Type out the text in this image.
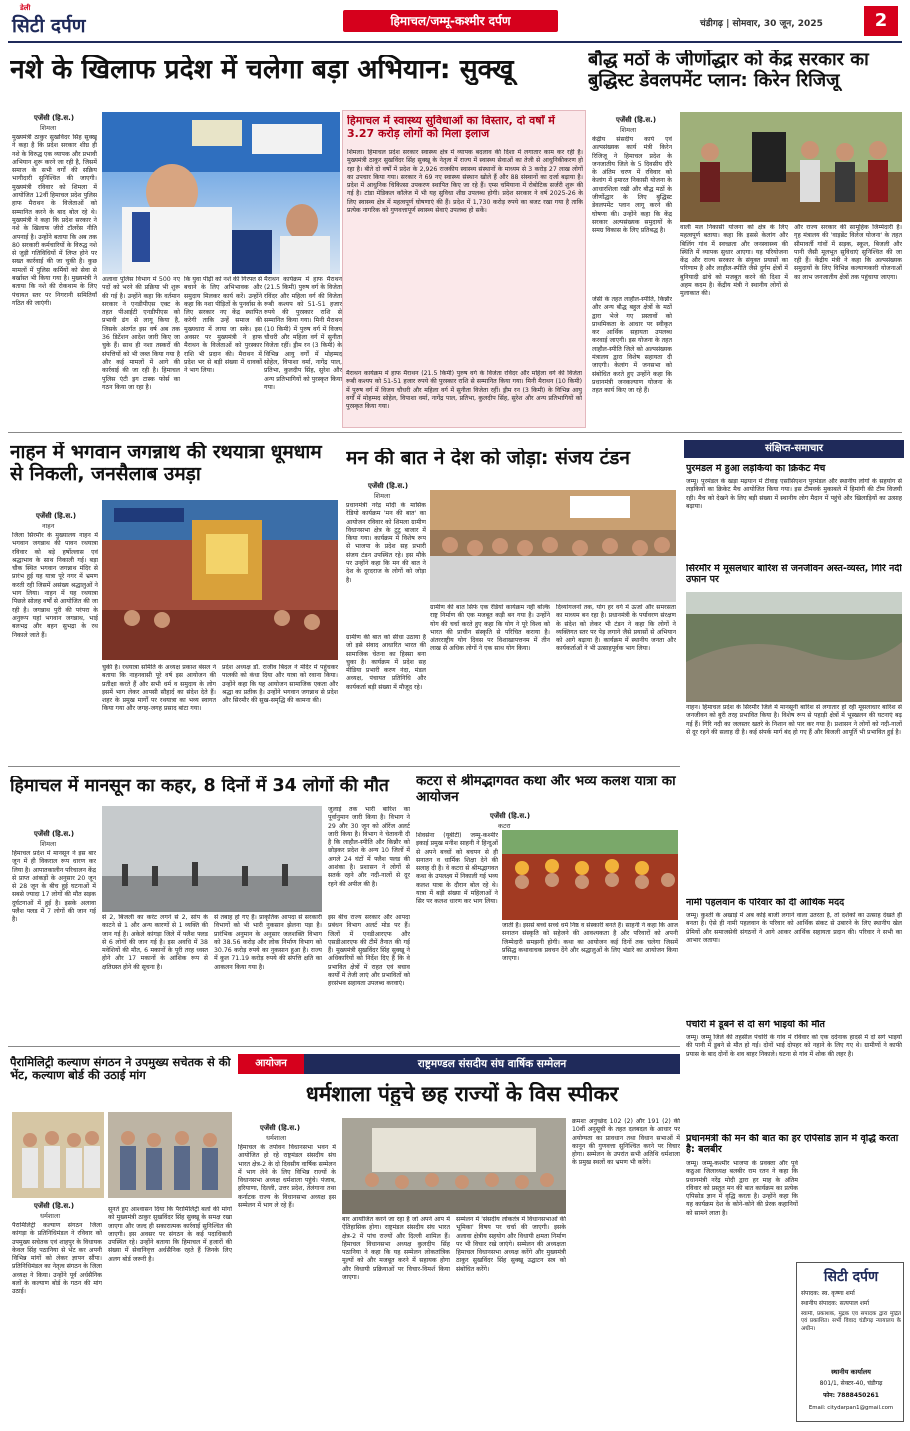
डेली
सिटी दर्पण	हिमाचल/जम्मू-कश्मीर दर्पण	चंडीगढ़ | सोमवार, 30 जून, 2025	2
नशे के खिलाफ प्रदेश में चलेगा बड़ा अभियान: सुक्खू
एजेंसी (हि.स.)
शिमला
मुख्यमंत्री ठाकुर सुखविंदर सिंह सुक्खू ने कहा है कि प्रदेश सरकार शीघ्र ही नशे के विरुद्ध एक व्यापक और प्रभावी अभियान शुरू करने जा रही है, जिसमें समाज के सभी वर्गों की सक्रिय भागीदारी सुनिश्चित की जाएगी। मुख्यमंत्री रविवार को शिमला में आयोजित 12वीं हिमाचल प्रदेश पुलिस हाफ मैराथन के विजेताओं को सम्मानित करने के बाद बोल रहे थे। मुख्यमंत्री ने कहा कि प्रदेश सरकार ने नशे के खिलाफ जीरो टॉलरेंस नीति अपनाई है। उन्होंने बताया कि अब तक 80 सरकारी कर्मचारियों के विरुद्ध नशे से जुड़ी गतिविधियों में लिप्त होने पर सख्त कार्रवाई की जा चुकी है। कुछ मामलों में पुलिस कर्मियों को सेवा से बर्खास्त भी किया गया है। मुख्यमंत्री ने बताया कि नशे की रोकथाम के लिए पंचायत स्तर पर निगरानी समितियाँ गठित की जाएंगी।
अलावा पुलिस विभाग में 500 नए पदों को भरने की प्रक्रिया भी शुरू की गई है। उन्होंने कहा कि वर्तमान सरकार ने एनडीपीएस एक्ट के तहत पीआईटी एनडीपीएस को प्रभावी ढंग से लागू किया है, जिसके अंतर्गत इस वर्ष अब तक 36 डिटेंशन आदेश जारी किए जा चुके हैं। साथ ही नशा तस्करों की संपत्तियों को भी जब्त किया गया है और कई मामलों में आगे की कार्रवाई की जा रही है। हिमाचल पुलिस एंटी ड्रग टास्क फोर्स का गठन किया जा रहा है।
कि युवा पीढ़ी को नशे की गिरफ्त से बचाने के लिए अभिभावक और समुदाय मिलकर कार्य करें। उन्होंने कहा कि नशा पीड़ितों के पुनर्वास के लिए सरकार नए केंद्र स्थापित करेगी ताकि उन्हें समाज की मुख्यधारा में लाया जा सके। इस अवसर पर मुख्यमंत्री ने हाफ मैराथन के विजेताओं को पुरस्कार राशि भी प्रदान की। मैराथन में प्रदेश भर से बड़ी संख्या में धावकों ने भाग लिया।
मैराथन कार्यक्रम में हाफ मैराथन (21.5 किमी) पुरुष वर्ग के विजेता रविंदर और महिला वर्ग की विजेता रूबी कश्यप को 51-51 हजार रुपये की पुरस्कार राशि से सम्मानित किया गया। मिनी मैराथन (10 किमी) में पुरुष वर्ग में विजय चौधरी और महिला वर्ग में सुनीता विजेता रहीं। ड्रीम रन (3 किमी) के विभिन्न आयु वर्गों में मोहम्मद सोहेल, विपाशा वर्मा, नागेंद्र पाल, प्रतिभा, कुलदीप सिंह, सुरेश और अन्य प्रतिभागियों को पुरस्कृत किया गया।
हिमाचल में स्वास्थ्य सुविधाओं का विस्तार, दो वर्षों में 3.27 करोड़ लोगों को मिला इलाज
शिमला। हिमाचल प्रदेश सरकार स्वास्थ्य क्षेत्र में व्यापक बदलाव की दिशा में लगातार काम कर रही है। मुख्यमंत्री ठाकुर सुखविंदर सिंह सुक्खू के नेतृत्व में राज्य में स्वास्थ्य सेवाओं का तेजी से आधुनिकीकरण हो रहा है। बीते दो वर्षों में प्रदेश के 2,926 राजकीय स्वास्थ्य संस्थानों के माध्यम से 3 करोड़ 27 लाख लोगों का उपचार किया गया। सरकार ने 69 नए स्वास्थ्य संस्थान खोले हैं और 88 संस्थानों का दर्जा बढ़ाया है। प्रदेश में आधुनिक चिकित्सा उपकरण स्थापित किए जा रहे हैं। एम्स चमियाना में रोबोटिक सर्जरी शुरू की गई है। टांडा मेडिकल कॉलेज में भी यह सुविधा शीघ्र उपलब्ध होगी। प्रदेश सरकार ने वर्ष 2025-26 के लिए स्वास्थ्य क्षेत्र में महत्वपूर्ण घोषणाएं की हैं। प्रदेश में 1,730 करोड़ रुपये का बजट रखा गया है ताकि प्रत्येक नागरिक को गुणवत्तापूर्ण स्वास्थ्य सेवाएं उपलब्ध हो सकें।
मैराथन कार्यक्रम में हाफ मैराथन (21.5 किमी) पुरुष वर्ग के विजेता रविंदर और महिला वर्ग की विजेता रूबी कश्यप को 51-51 हजार रुपये की पुरस्कार राशि से सम्मानित किया गया। मिनी मैराथन (10 किमी) में पुरुष वर्ग में विजय चौधरी और महिला वर्ग में सुनीता विजेता रहीं। ड्रीम रन (3 किमी) के विभिन्न आयु वर्गों में मोहम्मद सोहेल, विपाशा वर्मा, नागेंद्र पाल, प्रतिभा, कुलदीप सिंह, सुरेश और अन्य प्रतिभागियों को पुरस्कृत किया गया।
बौद्ध मठों के जीर्णोद्धार को केंद्र सरकार का बुद्धिस्ट डेवलपमेंट प्लान: किरेन रिजिजू
एजेंसी (हि.स.)
शिमला
केंद्रीय संसदीय कार्य एवं अल्पसंख्यक कार्य मंत्री किरेन रिजिजू ने हिमाचल प्रदेश के जनजातीय जिले के 5 दिवसीय दौरे के अंतिम चरण में रविवार को केलांग में इमारत निकासी योजना के आधारशिला रखी और बौद्ध मठों के जीर्णोद्धार के लिए बुद्धिस्ट डेवलपमेंट प्लान लागू करने की घोषणा की। उन्होंने कहा कि केंद्र सरकार अल्पसंख्यक समुदायों के समग्र विकास के लिए प्रतिबद्ध है।
जेंसी के तहत लाहौल-स्पीति, किन्नौर और अन्य बौद्ध बहुल क्षेत्रों के मठों द्वारा भेजे गए प्रस्तावों को प्राथमिकता के आधार पर स्वीकृत कर आर्थिक सहायता उपलब्ध करवाई जाएगी। इस योजना के तहत लाहौल-स्पीति जिले को अल्पसंख्यक मंत्रालय द्वारा विशेष सहायता दी जाएगी। केलांग में जनसभा को संबोधित करते हुए उन्होंने कहा कि प्रधानमंत्री जनकल्याण योजना के तहत कार्य किए जा रहे हैं।
वाली मल निकासी योजना को क्षेत्र के लिए महत्वपूर्ण बताया। कहा कि इससे केलांग और बिलिंग गांव में स्वच्छता और जनस्वास्थ्य की स्थिति में व्यापक सुधार आएगा। यह परियोजना केंद्र और राज्य सरकार के संयुक्त प्रयासों का परिणाम है और लाहौल-स्पीति जैसे दुर्गम क्षेत्रों में बुनियादी ढांचे को मजबूत करने की दिशा में अहम कदम है। केंद्रीय मंत्री ने स्थानीय लोगों से मुलाकात की।
और राज्य सरकार की सामूहिक जिम्मेदारी है। गृह मंत्रालय की 'वाइब्रेंट विलेज योजना' के तहत सीमावर्ती गांवों में सड़क, स्कूल, बिजली और पानी जैसी मूलभूत सुविधाएं सुनिश्चित की जा रही हैं। केंद्रीय मंत्री ने कहा कि अल्पसंख्यक समुदायों के लिए विभिन्न कल्याणकारी योजनाओं का लाभ जनजातीय क्षेत्रों तक पहुंचाया जाएगा।
नाहन में भगवान जगन्नाथ की रथयात्रा धूमधाम से निकली, जनसैलाब उमड़ा
एजेंसी (हि.स.)
नाहन
जिला सिरमौर के मुख्यालय नाहन में भगवान जगन्नाथ की पावन रथयात्रा रविवार को बड़े हर्षोल्लास एवं श्रद्धाभाव के साथ निकाली गई। बड़ा चौक स्थित भगवान जगन्नाथ मंदिर से प्रारंभ हुई यह यात्रा पूरे नगर में भ्रमण करती रही जिसमें असंख्य श्रद्धालुओं ने भाग लिया। नाहन में यह रथयात्रा पिछले सोलह वर्षों से आयोजित की जा रही है। जगन्नाथ पुरी की परंपरा के अनुरूप यहां भगवान जगन्नाथ, भाई बलभद्र और बहन सुभद्रा के रथ निकाले जाते हैं।
चुकी है। रथयात्रा समिति के अध्यक्ष प्रकाश बंसल ने बताया कि नाहनवासी पूरे वर्ष इस आयोजन की प्रतीक्षा करते हैं और सभी धर्म व समुदाय के लोग इसमें भाग लेकर आपसी सौहार्द का संदेश देते हैं। शहर के प्रमुख मार्गों पर रथयात्रा का भव्य स्वागत किया गया और जगह-जगह प्रसाद बांटा गया।
प्रदेश अध्यक्ष डॉ. राजीव बिंदल ने मंदिर में पहुंचकर पालकी को कंधा दिया और यात्रा को रवाना किया। उन्होंने कहा कि यह आयोजन सामाजिक एकता और श्रद्धा का प्रतीक है। उन्होंने भगवान जगन्नाथ से प्रदेश और सिरमौर की सुख-समृद्धि की कामना की।
मन की बात ने देश को जोड़ा: संजय टंडन
एजेंसी (हि.स.)
शिमला
प्रधानमंत्री नरेंद्र मोदी के मासिक रेडियो कार्यक्रम 'मन की बात' का आयोजन रविवार को शिमला ग्रामीण विधानसभा क्षेत्र के टुटु बाजार में किया गया। कार्यक्रम में विशेष रूप से भाजपा के प्रदेश सह प्रभारी संजय टंडन उपस्थित रहे। इस मौके पर उन्होंने कहा कि मन की बात ने देश के दूरदराज के लोगों को जोड़ा है।
ग्रामीण की बात को सीधा उठाया है जो इसे संवाद आधारित भारत की सामाजिक चेतना का हिस्सा बना चुका है। कार्यक्रम में प्रदेश सह मीडिया प्रभारी करण नंदा, मंडल अध्यक्ष, पंचायत प्रतिनिधि और कार्यकर्ता बड़ी संख्या में मौजूद रहे।
ग्रामीण की बात सिर्फ एक रेडियो कार्यक्रम नहीं बल्कि राष्ट्र निर्माण की एक मजबूत कड़ी बन गया है। उन्होंने योग की चर्चा करते हुए कहा कि योग ने पूरे विश्व को भारत की प्राचीन संस्कृति से परिचित कराया है। अंतरराष्ट्रीय योग दिवस पर विशाखापत्तनम में तीन लाख से अधिक लोगों ने एक साथ योग किया।
दिव्यांगजनों तक, योग हर वर्ग में ऊर्जा और समरसता का माध्यम बन रहा है। प्रधानमंत्री के पर्यावरण संरक्षण के संदेश को लेकर भी टंडन ने कहा कि लोगों ने व्यक्तिगत स्तर पर पेड़ लगाने जैसे प्रयासों से अभियान को आगे बढ़ाया है। कार्यक्रम में स्थानीय जनता और कार्यकर्ताओं ने भी उत्साहपूर्वक भाग लिया।
संक्षिप्त-समाचार
पुरमंडल में हुआ लड़कियों का क्रिकेट मैच
जम्मू। पुरमंडल के खड़ा मढ़यान में टीवाइ एसोसिएशन पुरमंडल और स्थानीय लोगों के सहयोग से लड़कियों का क्रिकेट मैच आयोजित किया गया। इस टीमवर्क मुकाबले में हिमांगी की टीम विजयी रही। मैच को देखने के लिए बड़ी संख्या में स्थानीय लोग मैदान में पहुंचे और खिलाड़ियों का उत्साह बढ़ाया।
सिरमौर में मूसलधार बारिश से जनजीवन अस्त-व्यस्त, गिरि नदी उफान पर
नाहन। हिमाचल प्रदेश के सिरमौर जिले में मानसूनी बारिश से लगातार हो रही मूसलाधार बारिश से जनजीवन को बुरी तरह प्रभावित किया है। विशेष रूप से पहाड़ी क्षेत्रों में भूस्खलन की घटनाएं बढ़ गई हैं। गिरि नदी का जलस्तर खतरे के निशान को पार कर गया है। प्रशासन ने लोगों को नदी-नालों से दूर रहने की सलाह दी है। कई संपर्क मार्ग बंद हो गए हैं और बिजली आपूर्ति भी प्रभावित हुई है।
नामी पहलवान के परिवार को दी आर्थिक मदद
जम्मू। कुश्ती के अखाड़े में अब कोई बाजी लगाने वाला उतरता है, तो दर्शकों का उत्साह देखते ही बनता है। ऐसे ही नामी पहलवान के परिवार को आर्थिक संकट से उबारने के लिए स्थानीय खेल प्रेमियों और समाजसेवी संगठनों ने आगे आकर आर्थिक सहायता प्रदान की। परिवार ने सभी का आभार जताया।
पंचोरी में डूबने से दो सगे भाइयों की मौत
जम्मू। जम्मू जिले की तहसील पंचोरी के गांव में रविवार को एक दर्दनाक हादसे में दो सगे भाइयों की पानी में डूबने से मौत हो गई। दोनों भाई दोपहर को नहाने के लिए गए थे। ग्रामीणों ने काफी प्रयास के बाद दोनों के शव बाहर निकाले। घटना से गांव में शोक की लहर है।
प्रधानमंत्री की मन की बात का हर एपिसोड ज्ञान में वृद्धि करता है: बलबीर
जम्मू। जम्मू-कश्मीर भाजपा के प्रवक्ता और पूर्व कठुआ जिलाध्यक्ष बलबीर राम रतन ने कहा कि प्रधानमंत्री नरेंद्र मोदी द्वारा हर माह के अंतिम रविवार को प्रस्तुत मन की बात कार्यक्रम का प्रत्येक एपिसोड ज्ञान में वृद्धि करता है। उन्होंने कहा कि यह कार्यक्रम देश के कोने-कोने की प्रेरक कहानियों को सामने लाता है।
हिमाचल में मानसून का कहर, 8 दिनों में 34 लोगों की मौत
एजेंसी (हि.स.)
शिमला
हिमाचल प्रदेश में मानसून ने इस बार जून में ही विकराल रूप धारण कर लिया है। आपातकालीन परिचालन केंद्र से प्राप्त आंकड़ों के अनुसार 20 जून से 28 जून के बीच हुई घटनाओं में सबसे ज्यादा 17 लोगों की मौत सड़क दुर्घटनाओं में हुई है। इसके अलावा फ्लैश फ्लड में 7 लोगों की जान गई है।	से 2, बिजली का करंट लगने से 2, सांप के काटने से 1 और अन्य कारणों से 1 व्यक्ति की जान गई है। अकेले कांगड़ा जिले में फ्लैश फ्लड से 6 लोगों की जान गई है। इस अवधि में 38 मवेशियों की मौत, 6 मकानों के पूरी तरह ध्वस्त होने और 17 मकानों के आंशिक रूप से क्षतिग्रस्त होने की सूचना है।
से तबाह हो गए हैं। प्राकृतिक आपदा से सरकारी विभागों को भी भारी नुकसान झेलना पड़ा है। प्रारंभिक अनुमान के अनुसार जलशक्ति विभाग को 38.56 करोड़ और लोक निर्माण विभाग को 30.76 करोड़ रुपये का नुकसान हुआ है। राज्य में कुल 71.19 करोड़ रुपये की संपत्ति क्षति का आकलन किया गया है।
जुलाई तक भारी बारिश का पूर्वानुमान जारी किया है। विभाग ने 29 और 30 जून को ऑरेंज अलर्ट जारी किया है। विभाग ने चेतावनी दी है कि लाहौल-स्पीति और किन्नौर को छोड़कर प्रदेश के अन्य 10 जिलों में अगले 24 घंटों में फ्लैश फ्लड की आशंका है। प्रशासन ने लोगों से सतर्क रहने और नदी-नालों से दूर रहने की अपील की है।
इस बीच राज्य सरकार और आपदा प्रबंधन विभाग अलर्ट मोड पर हैं। जिलों में एनडीआरएफ और एसडीआरएफ की टीमें तैनात की गई हैं। मुख्यमंत्री सुखविंदर सिंह सुक्खू ने अधिकारियों को निर्देश दिए हैं कि वे प्रभावित क्षेत्रों में राहत एवं बचाव कार्यों में तेजी लाएं और प्रभावितों को हरसंभव सहायता उपलब्ध करवाएं।
कटरा से श्रीमद्भागवत कथा और भव्य कलश यात्रा का आयोजन
एजेंसी (हि.स.)
कटरा
शिवसेना (यूबीटी) जम्मू-कश्मीर इकाई प्रमुख मनीश साहनी ने हिन्दुओं से अपने बच्चों को बचपन से ही सनातन व धार्मिक शिक्षा देने की सलाह दी है। वे कटरा से श्रीमद्भागवत कथा के उपलक्ष्य में निकाली गई भव्य कलश यात्रा के दौरान बोल रहे थे। यात्रा में बड़ी संख्या में महिलाओं ने सिर पर कलश धारण कर भाग लिया।
जाती है। इससे बच्चे सच्चे धर्म निष्ठ व संस्कारी बनते हैं। साहनी ने कहा कि आज सनातन संस्कृति को सहेजने की आवश्यकता है और परिवारों को अपनी जिम्मेदारी समझनी होगी। कथा का आयोजन कई दिनों तक चलेगा जिसमें प्रसिद्ध कथावाचक प्रवचन देंगे और श्रद्धालुओं के लिए भंडारे का आयोजन किया जाएगा।
पैरामिलिट्री कल्याण संगठन ने उपमुख्य सचेतक से की भेंट, कल्याण बोर्ड की उठाई मांग
एजेंसी (हि.स.)
धर्मशाला
पैरामिलिट्री कल्याण संगठन जिला कांगड़ा के प्रतिनिधिमंडल ने रविवार को उपमुख्य सचेतक एवं शाहपुर के विधायक केवल सिंह पठानिया से भेंट कर अपनी विभिन्न मांगों को लेकर ज्ञापन सौंपा। प्रतिनिधिमंडल का नेतृत्व संगठन के जिला अध्यक्ष ने किया। उन्होंने पूर्व अर्धसैनिक बलों के कल्याण बोर्ड के गठन की मांग उठाई।
सुनते हुए आश्वासन दिया कि पैरामिलिट्री बलों की मांगों को मुख्यमंत्री ठाकुर सुखविंदर सिंह सुक्खू के समक्ष रखा जाएगा और जल्द ही सकारात्मक कार्रवाई सुनिश्चित की जाएगी। इस अवसर पर संगठन के कई पदाधिकारी उपस्थित रहे। उन्होंने बताया कि हिमाचल में हजारों की संख्या में सेवानिवृत्त अर्धसैनिक रहते हैं जिनके लिए अलग बोर्ड जरूरी है।
आयोजन	राष्ट्रमण्डल संसदीय संघ वार्षिक सम्मेलन
धर्मशाला पंहुचे छह राज्यों के विस स्पीकर
एजेंसी (हि.स.)
धर्मशाला
हिमाचल के तपोवन विधानसभा भवन में आयोजित हो रहे राष्ट्रमंडल संसदीय संघ भारत क्षेत्र-2 के दो दिवसीय वार्षिक सम्मेलन में भाग लेने के लिए विभिन्न राज्यों के विधानसभा अध्यक्ष धर्मशाला पहुंचे। पंजाब, हरियाणा, दिल्ली, उत्तर प्रदेश, तेलंगाना तथा कर्नाटक राज्य के विधानसभा अध्यक्ष इस सम्मेलन में भाग ले रहे हैं।
बार आयोजित करने जा रहा है जो अपने आप में ऐतिहासिक होगा। राष्ट्रमंडल संसदीय संघ भारत क्षेत्र-2 में पांच राज्यों और दिल्ली शामिल हैं। हिमाचल विधानसभा अध्यक्ष कुलदीप सिंह पठानिया ने कहा कि यह सम्मेलन लोकतांत्रिक मूल्यों को और मजबूत करने में सहायक होगा और विधायी प्रक्रियाओं पर विचार-विमर्श किया जाएगा।
सम्मेलन में 'संसदीय लोकतंत्र में विधानसभाओं की भूमिका' विषय पर चर्चा की जाएगी। इसके अलावा क्षेत्रीय सहयोग और विधायी क्षमता निर्माण पर भी विचार रखे जाएंगे। सम्मेलन की अध्यक्षता हिमाचल विधानसभा अध्यक्ष करेंगे और मुख्यमंत्री ठाकुर सुखविंदर सिंह सुक्खू उद्घाटन सत्र को संबोधित करेंगे।
क्रमशः अनुच्छेद 102 (2) और 191 (2) की 10वीं अनुसूची के तहत दलबदल के आधार पर अयोग्यता का प्रावधान तथा विधान सभाओं में कानून की गुणवत्ता सुनिश्चित करने पर विचार होगा। सम्मेलन के उपरांत सभी अतिथि धर्मशाला के प्रमुख स्थलों का भ्रमण भी करेंगे।
सिटी दर्पण
संपादक: स्व. कृष्णा शर्मा
स्थानीय संपादक: सत्यपाल शर्मा
स्वामी, प्रकाशक, मुद्रक एवं संपादक द्वारा मुद्रित एवं प्रकाशित। सभी विवाद चंडीगढ़ न्यायालय के अधीन।
स्थानीय कार्यालय
801/1, सेक्टर-40, चंडीगढ़
फोन: 7888450261
Email: citydarpan1@gmail.com
